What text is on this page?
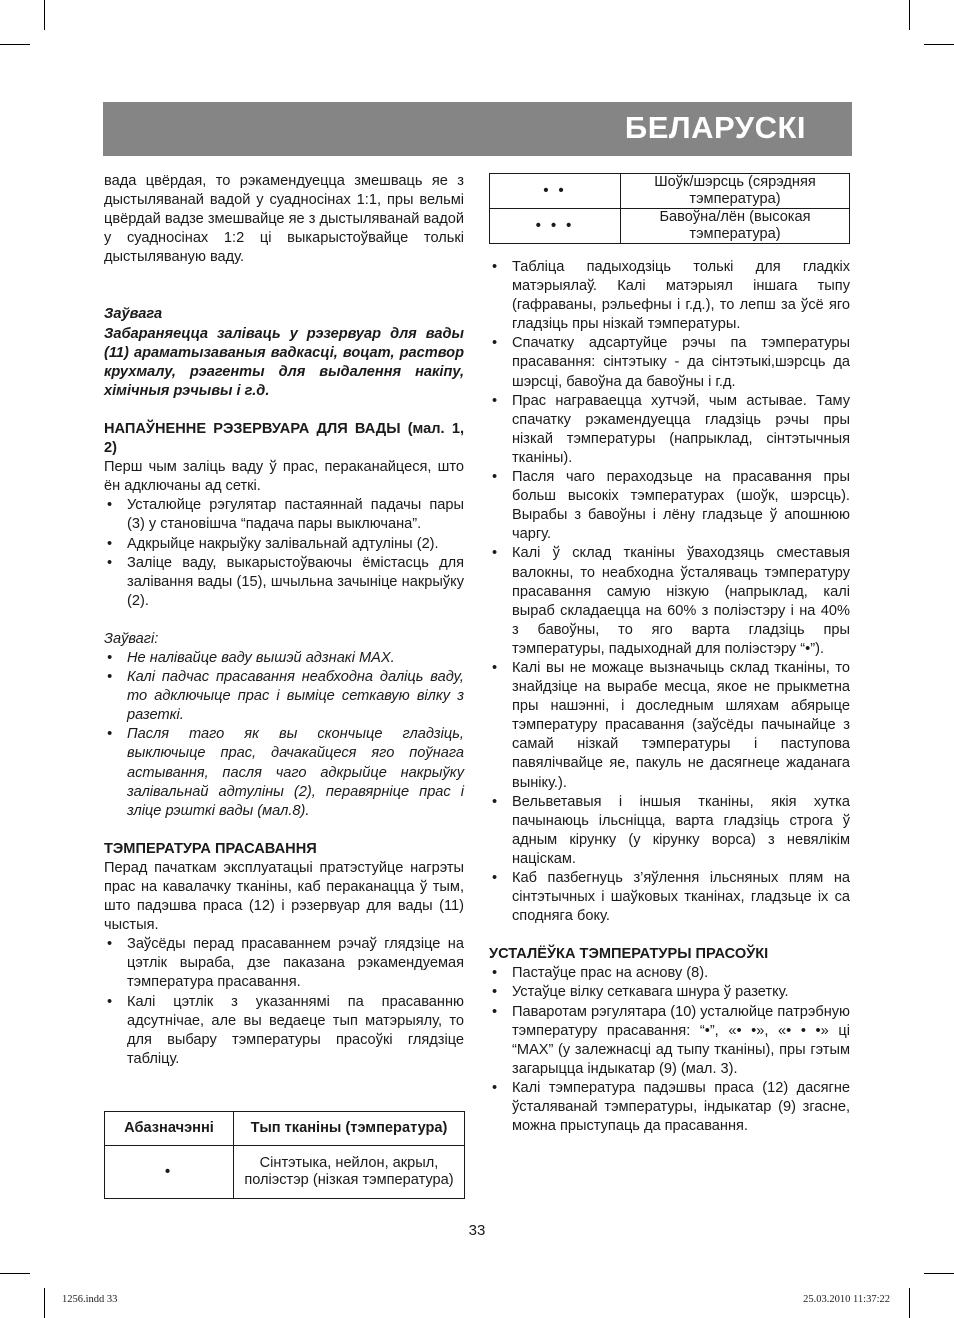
БЕЛАРУСКI

вада цвёрдая, то рэкамендуецца змешваць яе з дыстыляванай вадой у суадносінах 1:1, пры вельмі цвёрдай вадзе змешвайце яе з дыстыляванай вадой у суадносінах 1:2 ці выкарыстоўвайце толькі дыстыляваную ваду.

Заўвага

Забараняецца заліваць у рэзервуар для вады (11) араматызаваныя вадкасці, воцат, раствор крухмалу, рэагенты для выдалення накіпу, хімічныя рэчывы і г.д.

НАПАЎНЕННЕ РЭЗЕРВУАРА ДЛЯ ВАДЫ (мал. 1, 2)

Перш чым заліць ваду ў прас, пераканайцеся, што ён адключаны ад сеткі.

• Усталюйце рэгулятар пастаяннай падачы пары (3) у становішча “падача пары выключана”.
• Адкрыйце накрыўку залівальнай адтуліны (2).
• Заліце ваду, выкарыстоўваючы ёмістасць для залівання вады (15), шчыльна зачыніце накрыўку (2).

Заўвагі:

• Не налівайце ваду вышэй адзнакі MAX.
• Калі падчас прасавання неабходна даліць ваду, то адключыце прас і выміце сеткавую вілку з разеткі.
• Пасля таго як вы скончыце гладзіць, выключыце прас, дачакайцеся яго поўнага астывання, пасля чаго адкрыйце накрыўку залівальнай адтуліны (2), перавярніце прас і зліце рэшткі вады (мал.8).

ТЭМПЕРАТУРА ПРАСАВАННЯ

Перад пачаткам эксплуатацыі пратэстуйце нагрэты прас на кавалачку тканіны, каб пераканацца ў тым, што падэшва праса (12) і рэзервуар для вады (11) чыстыя.

• Заўсёды перад прасаваннем рэчаў глядзіце на цэтлік выраба, дзе паказана рэкамендуемая тэмпература прасавання.
• Калі цэтлік з указаннямі па прасаванню адсутнічае, але вы ведаеце тып матэрыялу, то для выбару тэмпературы прасоўкі глядзіце табліцу.
Абазначэнні	Тып тканіны (тэмпература)
•	Сінтэтыка, нейлон, акрыл, поліэстэр (нізкая тэмпература)
• •	Шоўк/шэрсць (сярэдняя тэмпература)
• • •	Бавоўна/лён (высокая тэмпература)
• Табліца падыходзіць толькі для гладкіх матэрыялаў. Калі матэрыял іншага тыпу (гафраваны, рэльефны і г.д.), то лепш за ўсё яго гладзіць пры нізкай тэмпературы.
• Спачатку адсартуйце рэчы па тэмпературы прасавання: сінтэтыку - да сінтэтыкі,шэрсць да шэрсці, бавоўна да бавоўны і г.д.
• Прас награваецца хутчэй, чым астывае. Таму спачатку рэкамендуецца гладзіць рэчы пры нізкай тэмпературы (напрыклад, сінтэтычныя тканіны).
• Пасля чаго пераходзьце на прасавання пры больш высокіх тэмпературах (шоўк, шэрсць). Вырабы з бавоўны і лёну гладзьце ў апошнюю чаргу.
• Калі ў склад тканіны ўваходзяць сместавыя валокны, то неабходна ўсталяваць тэмпературу прасавання самую нізкую (напрыклад, калі выраб складаецца на 60% з поліэстэру і на 40% з бавоўны, то яго варта гладзіць пры тэмпературы, падыходнай для поліэстэру “•”).
• Калі вы не можаце вызначыць склад тканіны, то знайдзіце на вырабе месца, якое не прыкметна пры нашэнні, і доследным шляхам абярыце тэмпературу прасавання (заўсёды пачынайце з самай нізкай тэмпературы і паступова павялічвайце яе, пакуль не дасягнеце жаданага выніку.).
• Вельветавыя і іншыя тканіны, якія хутка пачынаюць ільсніцца, варта гладзіць строга ў адным кірунку (у кірунку ворса) з невялікім націскам.
• Каб пазбегнуць з’яўлення ільсняных плям на сінтэтычных і шаўковых тканінах, гладзьце іх са споднягa боку.

УСТАЛЁЎКА ТЭМПЕРАТУРЫ ПРАСОЎКІ

• Пастаўце прас на аснову (8).
• Устаўце вілку сеткавага шнура ў разетку.
• Паваротам рэгулятара (10) усталюйце патрэбную тэмпературу прасавання: “•”, «• •», «• • •» ці “MAX” (у залежнасці ад тыпу тканіны), пры гэтым загарыцца індыкатар (9) (мал. 3).
• Калі тэмпература падэшвы праса (12) дасягне ўсталяванай тэмпературы, індыкатар (9) згасне, можна прыступаць да прасавання.
33
1256.indd 33	25.03.2010 11:37:22
